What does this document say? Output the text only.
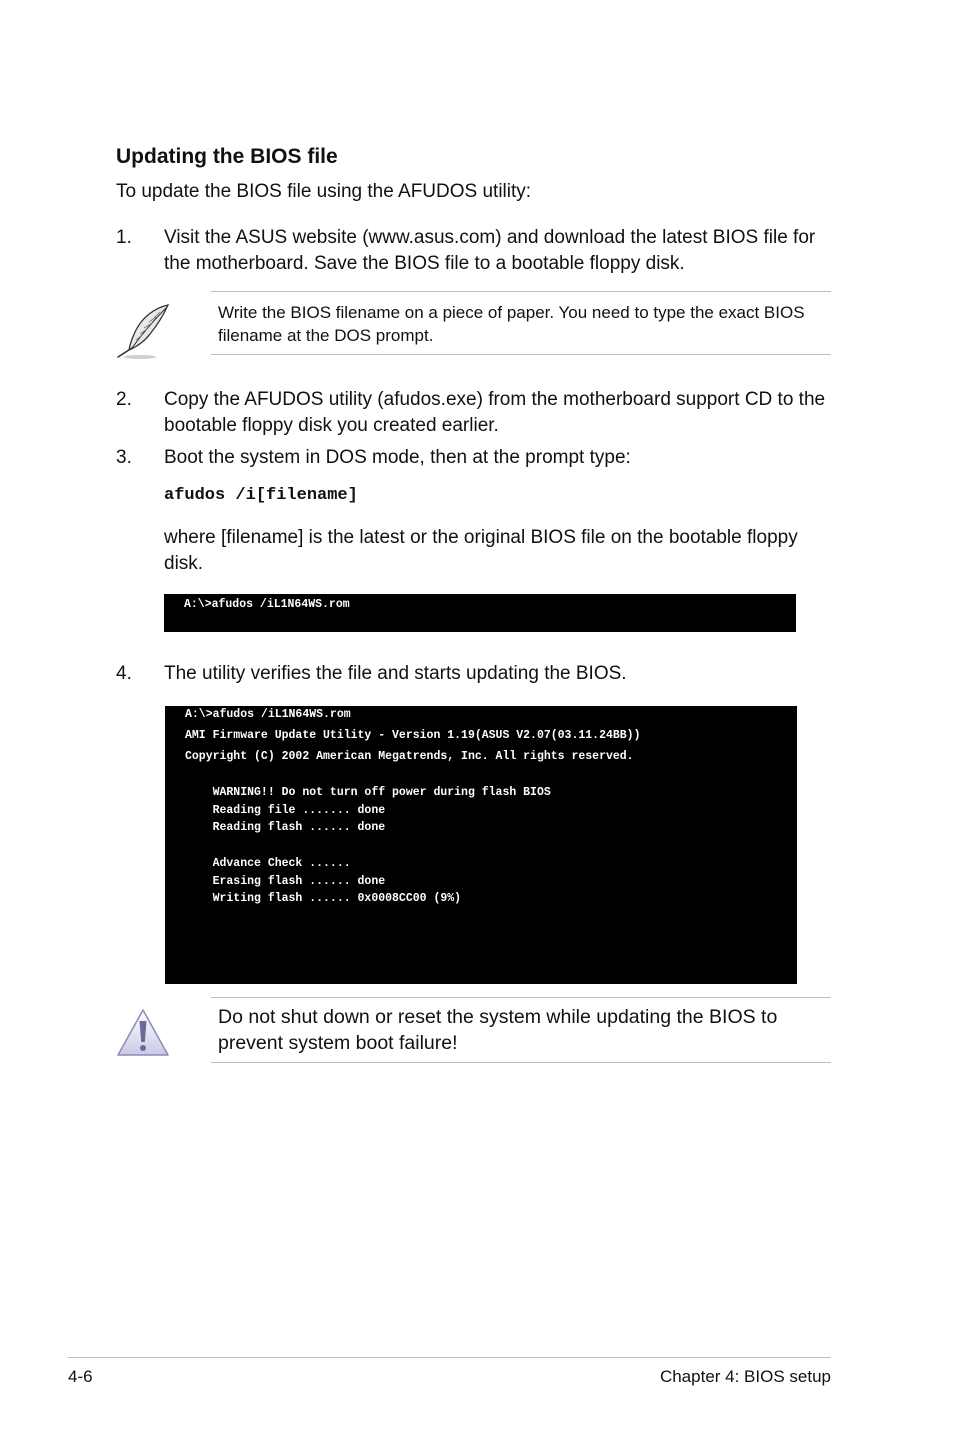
Updating the BIOS file
To update the BIOS file using the AFUDOS utility:
1. Visit the ASUS website (www.asus.com) and download the latest BIOS file for the motherboard. Save the BIOS file to a bootable floppy disk.
Write the BIOS filename on a piece of paper. You need to type the exact BIOS filename at the DOS prompt.
2. Copy the AFUDOS utility (afudos.exe) from the motherboard support CD to the bootable floppy disk you created earlier.
3. Boot the system in DOS mode, then at the prompt type:
afudos /i[filename]
where [filename] is the latest or the original BIOS file on the bootable floppy disk.

A:\>afudos /iL1N64WS.rom

4. The utility verifies the file and starts updating the BIOS.

A:\>afudos /iL1N64WS.rom

AMI Firmware Update Utility - Version 1.19(ASUS V2.07(03.11.24BB))

Copyright (C) 2002 American Megatrends, Inc. All rights reserved.

WARNING!! Do not turn off power during flash BIOS

Reading file ....... done

Reading flash ...... done

Advance Check ......

Erasing flash ...... done

Writing flash ...... 0x0008CC00 (9%)

Do not shut down or reset the system while updating the BIOS to prevent system boot failure!
4-6	Chapter 4: BIOS setup
